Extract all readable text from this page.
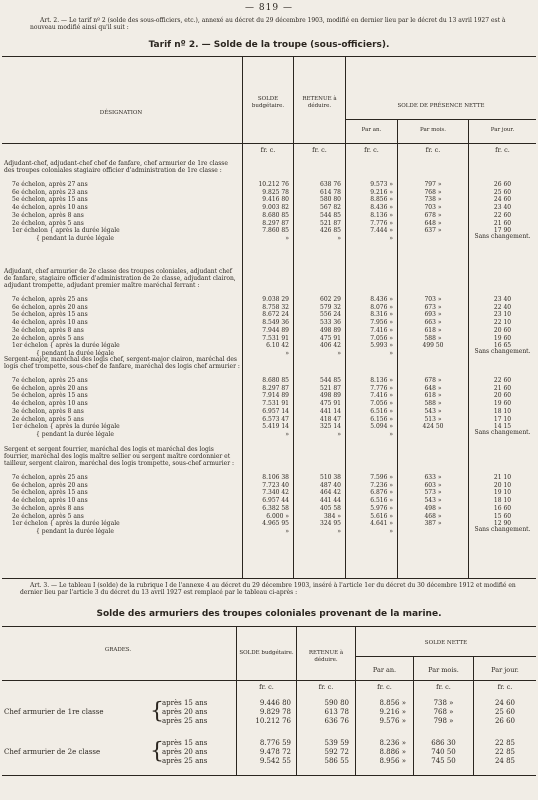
— 819 —
Art. 2. — Le tarif nº 2 (solde des sous-officiers, etc.), annexé au décret du 29 décembre 1903, modifié en dernier lieu par le décret du 13 avril 1927 est à nouveau modifié ainsi qu'il suit :
Tarif nº 2. — Solde de la troupe (sous-officiers).
DÉSIGNATION
SOLDE budgétaire.
RETENUE à déduire.	SOLDE DE PRÉSENCE NETTE
Par an.	Par mois.	Par jour.
fr. c.	fr. c.	fr. c.	fr. c.	fr. c.
Adjudant-chef, adjudant-chef chef de fanfare, chef armurier de 1re classe des troupes coloniales stagiaire officier d'administration de 1re classe :
7e échelon, après 27 ans	10.212 76	638 76	9.573 »	797 »	26 60
6e échelon, après 23 ans	9.825 78	614 78	9.216 »	768 »	25 60
5e échelon, après 15 ans	9.416 80	580 80	8.856 »	738 »	24 60
4e échelon, après 10 ans	9.003 82	567 82	8.436 »	703 »	23 40
3e échelon, après 8 ans	8.680 85	544 85	8.136 »	678 »	22 60
2e échelon, après 5 ans	8.297 87	521 87	7.776 »	648 »	21 60
1er échelon { après la durée légale	7.860 85	426 85	7.444 »	637 »	17 90
{ pendant la durée légale	»	»	»	Sans changement.
Adjudant, chef armurier de 2e classe des troupes coloniales, adjudant chef de fanfare, stagiaire officier d'administration de 2e classe, adjudant clairon, adjudant trompette, adjudant premier maître maréchal ferrant :
7e échelon, après 25 ans	9.038 29	602 29	8.436 »	703 »	23 40
6e échelon, après 20 ans	8.758 32	579 32	8.076 »	673 »	22 40
5e échelon, après 15 ans	8.672 24	556 24	8.316 »	693 »	23 10
4e échelon, après 10 ans	8.549 36	533 36	7.956 »	663 »	22 10
3e échelon, après 8 ans	7.944 89	498 89	7.416 »	618 »	20 60
2e échelon, après 5 ans	7.531 91	475 91	7.056 »	588 »	19 60
1er échelon { après la durée légale	6.10 42	406 42	5.993 »	499 50	16 65
{ pendant la durée légale	»	»	»	Sans changement.
Sergent-major, maréchal des logis chef, sergent-major clairon, maréchal des logis chef trompette, sous-chef de fanfare, maréchal des logis chef armurier :
7e échelon, après 25 ans	8.680 85	544 85	8.136 »	678 »	22 60
6e échelon, après 20 ans	8.297 87	521 87	7.776 »	648 »	21 60
5e échelon, après 15 ans	7.914 89	498 89	7.416 »	618 »	20 60
4e échelon, après 10 ans	7.531 91	475 91	7.056 »	588 »	19 60
3e échelon, après 8 ans	6.957 14	441 14	6.516 »	543 »	18 10
2e échelon, après 5 ans	6.573 47	418 47	6.156 »	513 »	17 10
1er échelon { après la durée légale	5.419 14	325 14	5.094 »	424 50	14 15
{ pendant la durée légale	»	»	»	Sans changement.
Sergent et sergent fourrier, maréchal des logis et maréchal des logis fourrier, maréchal des logis maître sellier ou sergent maître cordonnier et tailleur, sergent clairon, maréchal des logis trompette, sous-chef armurier :
7e échelon, après 25 ans	8.106 38	510 38	7.596 »	633 »	21 10
6e échelon, après 20 ans	7.723 40	487 40	7.236 »	603 »	20 10
5e échelon, après 15 ans	7.340 42	464 42	6.876 »	573 »	19 10
4e échelon, après 10 ans	6.957 44	441 44	6.516 »	543 »	18 10
3e échelon, après 8 ans	6.382 58	405 58	5.976 »	498 »	16 60
2e échelon, après 5 ans	6.000 »	384 »	5.616 »	468 »	15 60
1er échelon { après la durée légale	4.965 95	324 95	4.641 »	387 »	12 90
{ pendant la durée légale	»	»	»	Sans changement.
Art. 3. — Le tableau I (solde) de la rubrique I de l'annexe 4 au décret du 29 décembre 1903, inséré à l'article 1er du décret du 30 décembre 1912 et modifié en dernier lieu par l'article 3 du décret du 13 avril 1927 est remplacé par le tableau ci-après :
Solde des armuriers des troupes coloniales provenant de la marine.
GRADES.	SOLDE budgétaire.	RETENUE à déduire.
SOLDE NETTE
Par an.	Par mois.	Par jour.
fr. c.	fr. c.	fr. c.	fr. c.	fr. c.
Chef armurier de 1re classe	{
après 15 ans	9.446 80	590 80	8.856 »	738 »	24 60
après 20 ans	9.829 78	613 78	9.216 »	768 »	25 60
après 25 ans	10.212 76	636 76	9.576 »	798 »	26 60
Chef armurier de 2e classe	{
après 15 ans	8.776 59	539 59	8.236 »	686 30	22 85
après 20 ans	9.478 72	592 72	8.886 »	740 50	22 85
après 25 ans	9.542 55	586 55	8.956 »	745 50	24 85
